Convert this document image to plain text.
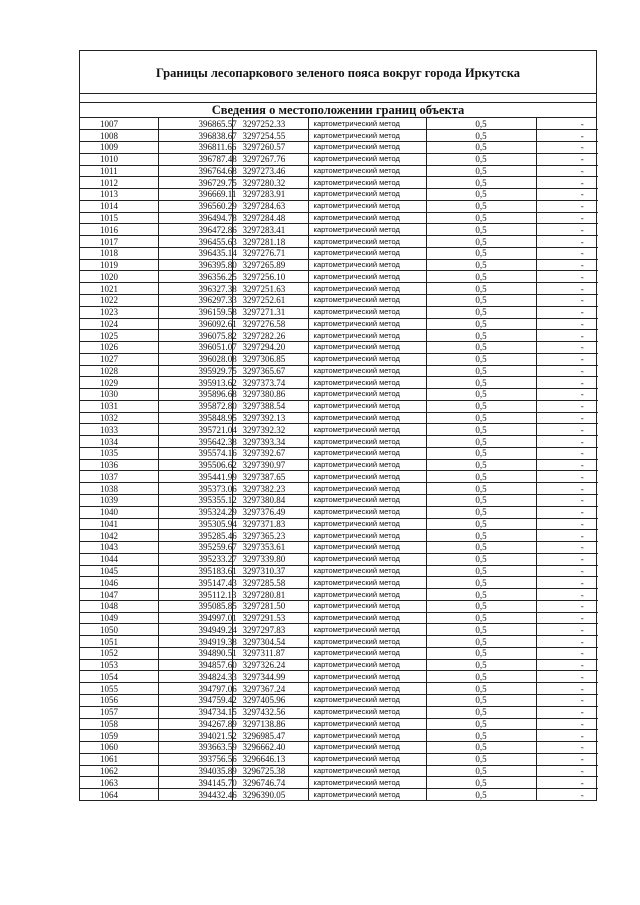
Границы лесопаркового зеленого пояса вокруг города Иркутска
Сведения о местоположении границ объекта
1007	396865.57	3297252.33	картометрический метод	0,5	-
1008	396838.67	3297254.55	картометрический метод	0,5	-
1009	396811.66	3297260.57	картометрический метод	0,5	-
1010	396787.48	3297267.76	картометрический метод	0,5	-
1011	396764.68	3297273.46	картометрический метод	0,5	-
1012	396729.75	3297280.32	картометрический метод	0,5	-
1013	396669.11	3297283.91	картометрический метод	0,5	-
1014	396560.29	3297284.63	картометрический метод	0,5	-
1015	396494.78	3297284.48	картометрический метод	0,5	-
1016	396472.86	3297283.41	картометрический метод	0,5	-
1017	396455.63	3297281.18	картометрический метод	0,5	-
1018	396435.14	3297276.71	картометрический метод	0,5	-
1019	396395.80	3297265.89	картометрический метод	0,5	-
1020	396356.25	3297256.10	картометрический метод	0,5	-
1021	396327.38	3297251.63	картометрический метод	0,5	-
1022	396297.33	3297252.61	картометрический метод	0,5	-
1023	396159.58	3297271.31	картометрический метод	0,5	-
1024	396092.61	3297276.58	картометрический метод	0,5	-
1025	396075.82	3297282.26	картометрический метод	0,5	-
1026	396051.07	3297294.20	картометрический метод	0,5	-
1027	396028.08	3297306.85	картометрический метод	0,5	-
1028	395929.75	3297365.67	картометрический метод	0,5	-
1029	395913.62	3297373.74	картометрический метод	0,5	-
1030	395896.68	3297380.86	картометрический метод	0,5	-
1031	395872.80	3297388.54	картометрический метод	0,5	-
1032	395848.95	3297392.13	картометрический метод	0,5	-
1033	395721.04	3297392.32	картометрический метод	0,5	-
1034	395642.38	3297393.34	картометрический метод	0,5	-
1035	395574.16	3297392.67	картометрический метод	0,5	-
1036	395506.62	3297390.97	картометрический метод	0,5	-
1037	395441.99	3297387.65	картометрический метод	0,5	-
1038	395373.06	3297382.23	картометрический метод	0,5	-
1039	395355.12	3297380.84	картометрический метод	0,5	-
1040	395324.29	3297376.49	картометрический метод	0,5	-
1041	395305.94	3297371.83	картометрический метод	0,5	-
1042	395285.46	3297365.23	картометрический метод	0,5	-
1043	395259.67	3297353.61	картометрический метод	0,5	-
1044	395233.27	3297339.80	картометрический метод	0,5	-
1045	395183.61	3297310.37	картометрический метод	0,5	-
1046	395147.43	3297285.58	картометрический метод	0,5	-
1047	395112.13	3297280.81	картометрический метод	0,5	-
1048	395085.85	3297281.50	картометрический метод	0,5	-
1049	394997.01	3297291.53	картометрический метод	0,5	-
1050	394949.24	3297297.83	картометрический метод	0,5	-
1051	394919.38	3297304.54	картометрический метод	0,5	-
1052	394890.51	3297311.87	картометрический метод	0,5	-
1053	394857.60	3297326.24	картометрический метод	0,5	-
1054	394824.33	3297344.99	картометрический метод	0,5	-
1055	394797.06	3297367.24	картометрический метод	0,5	-
1056	394759.42	3297405.96	картометрический метод	0,5	-
1057	394734.15	3297432.56	картометрический метод	0,5	-
1058	394267.89	3297138.86	картометрический метод	0,5	-
1059	394021.52	3296985.47	картометрический метод	0,5	-
1060	393663.59	3296662.40	картометрический метод	0,5	-
1061	393756.56	3296646.13	картометрический метод	0,5	-
1062	394035.89	3296725.38	картометрический метод	0,5	-
1063	394145.70	3296746.74	картометрический метод	0,5	-
1064	394432.46	3296390.05	картометрический метод	0,5	-
